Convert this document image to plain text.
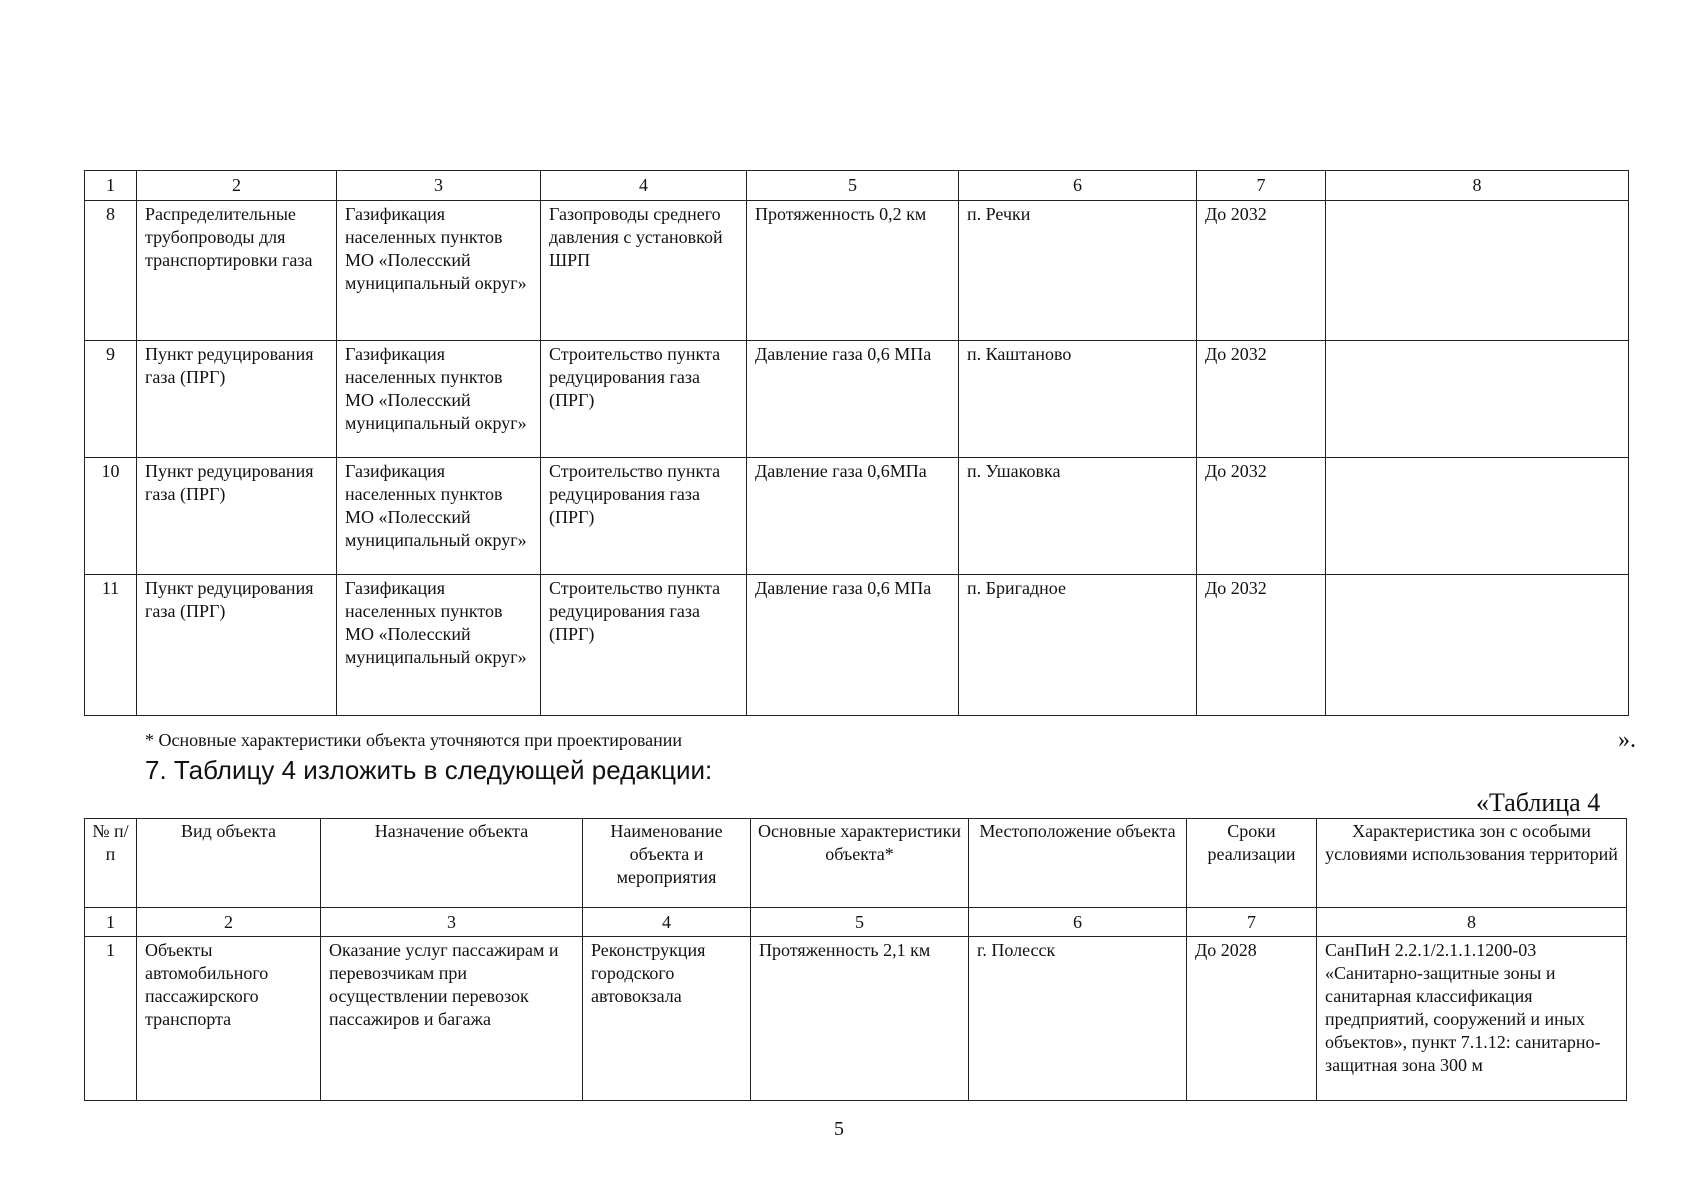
1	2	3	4	5	6	7	8
8	Распределительные трубопроводы для транспортировки газа	Газификация населенных пунктов МО «Полесский муниципальный округ»	Газопроводы среднего давления с установкой ШРП	Протяженность 0,2 км	п. Речки	До 2032	
9	Пункт редуцирования газа (ПРГ)	Газификация населенных пунктов МО «Полесский муниципальный округ»	Строительство пункта редуцирования газа (ПРГ)	Давление газа 0,6 МПа	п. Каштаново	До 2032	
10	Пункт редуцирования газа (ПРГ)	Газификация населенных пунктов МО «Полесский муниципальный округ»	Строительство пункта редуцирования газа (ПРГ)	Давление газа 0,6МПа	п. Ушаковка	До 2032	
11	Пункт редуцирования газа (ПРГ)	Газификация населенных пунктов МО «Полесский муниципальный округ»	Строительство пункта редуцирования газа (ПРГ)	Давление газа 0,6 МПа	п. Бригадное	До 2032	
* Основные характеристики объекта уточняются при проектировании	».
7. Таблицу 4 изложить в следующей редакции:
«Таблица 4
№ п/п	Вид объекта	Назначение объекта	Наименование объекта и мероприятия	Основные характеристики объекта*	Местоположение объекта	Сроки реализации	Характеристика зон с особыми условиями использования территорий
1	2	3	4	5	6	7	8
1	Объекты автомобильного пассажирского транспорта	Оказание услуг пассажирам и перевозчикам при осуществлении перевозок пассажиров и багажа	Реконструкция городского автовокзала	Протяженность 2,1 км	г. Полесск	До 2028	СанПиН 2.2.1/2.1.1.1200-03 «Санитарно-защитные зоны и санитарная классификация предприятий, сооружений и иных объектов», пункт 7.1.12: санитарно-защитная зона 300 м
5
